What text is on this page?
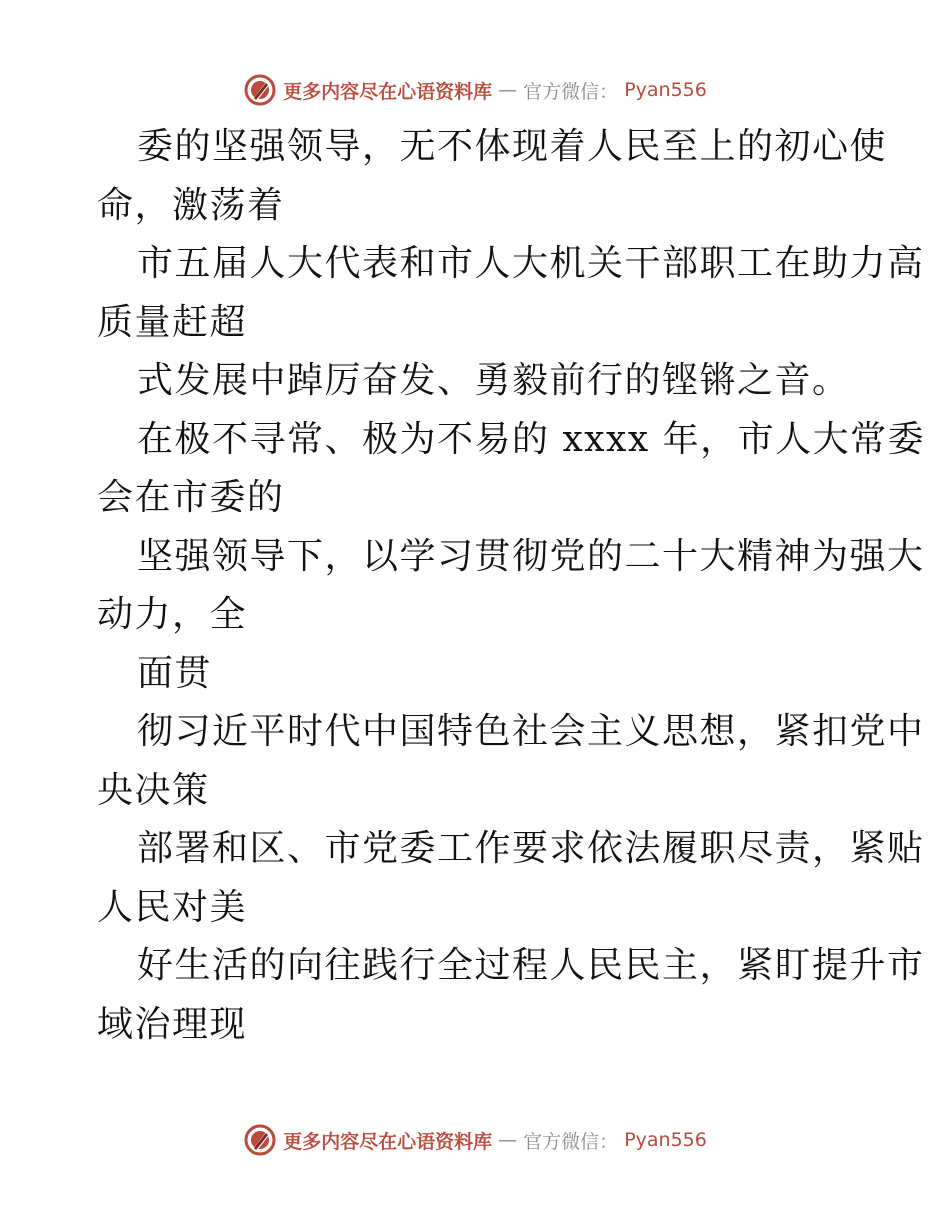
更多内容尽在心语资料库 — 官方微信： Pyan556
委的坚强领导，无不体现着人民至上的初心使
命，激荡着
市五届人大代表和市人大机关干部职工在助力高
质量赶超
式发展中踔厉奋发、勇毅前行的铿锵之音。
在极不寻常、极为不易的 xxxx 年，市人大常委
会在市委的
坚强领导下，以学习贯彻党的二十大精神为强大
动力，全
面贯
彻习近平时代中国特色社会主义思想，紧扣党中
央决策
部署和区、市党委工作要求依法履职尽责，紧贴
人民对美
好生活的向往践行全过程人民民主，紧盯提升市
域治理现
更多内容尽在心语资料库 — 官方微信： Pyan556
